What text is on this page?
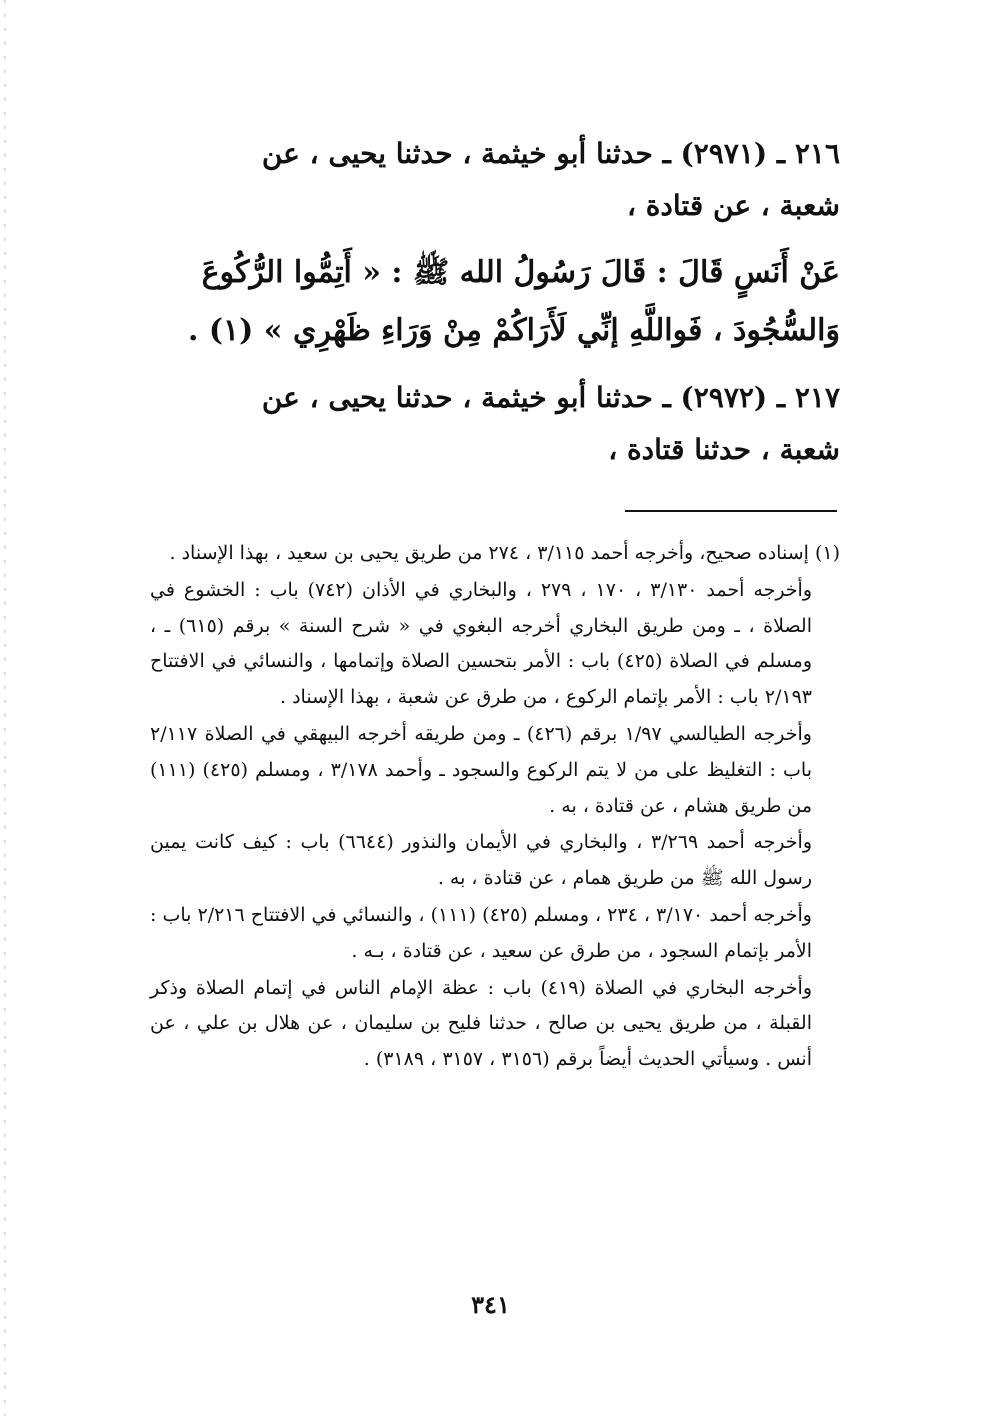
٢١٦ ـ (٢٩٧١) ـ حدثنا أبو خيثمة ، حدثنا يحيى ، عن
شعبة ، عن قتادة ،
عَنْ أَنَسٍ قَالَ : قَالَ رَسُولُ الله ﷺ : « أَتِمُّوا الرُّكُوعَ
وَالسُّجُودَ ، فَواللَّهِ إنِّي لَأَرَاكُمْ مِنْ وَرَاءِ ظَهْرِي » (١) .
٢١٧ ـ (٢٩٧٢) ـ حدثنا أبو خيثمة ، حدثنا يحيى ، عن
شعبة ، حدثنا قتادة ،

(١) إسناده صحيح، وأخرجه أحمد ٣/١١٥ ، ٢٧٤ من طريق يحيى بن سعيد ، بهذا الإسناد .

وأخرجه أحمد ٣/١٣٠ ، ١٧٠ ، ٢٧٩ ، والبخاري في الأذان (٧٤٢) باب : الخشوع في الصلاة ، ـ ومن طريق البخاري أخرجه البغوي في « شرح السنة » برقم (٦١٥) ـ ، ومسلم في الصلاة (٤٢٥) باب : الأمر بتحسين الصلاة وإتمامها ، والنسائي في الافتتاح ٢/١٩٣ باب : الأمر بإتمام الركوع ، من طرق عن شعبة ، بهذا الإسناد .

وأخرجه الطيالسي ١/٩٧ برقم (٤٢٦) ـ ومن طريقه أخرجه البيهقي في الصلاة ٢/١١٧ باب : التغليظ على من لا يتم الركوع والسجود ـ وأحمد ٣/١٧٨ ، ومسلم (٤٢٥) (١١١) من طريق هشام ، عن قتادة ، به .

وأخرجه أحمد ٣/٢٦٩ ، والبخاري في الأيمان والنذور (٦٦٤٤) باب : كيف كانت يمين رسول الله ﷺ من طريق همام ، عن قتادة ، به .

وأخرجه أحمد ٣/١٧٠ ، ٢٣٤ ، ومسلم (٤٢٥) (١١١) ، والنسائي في الافتتاح ٢/٢١٦ باب : الأمر بإتمام السجود ، من طرق عن سعيد ، عن قتادة ، بـه .

وأخرجه البخاري في الصلاة (٤١٩) باب : عظة الإمام الناس في إتمام الصلاة وذكر القبلة ، من طريق يحيى بن صالح ، حدثنا فليح بن سليمان ، عن هلال بن علي ، عن أنس . وسيأتي الحديث أيضاً برقم (٣١٥٦ ، ٣١٥٧ ، ٣١٨٩) .

٣٤١
